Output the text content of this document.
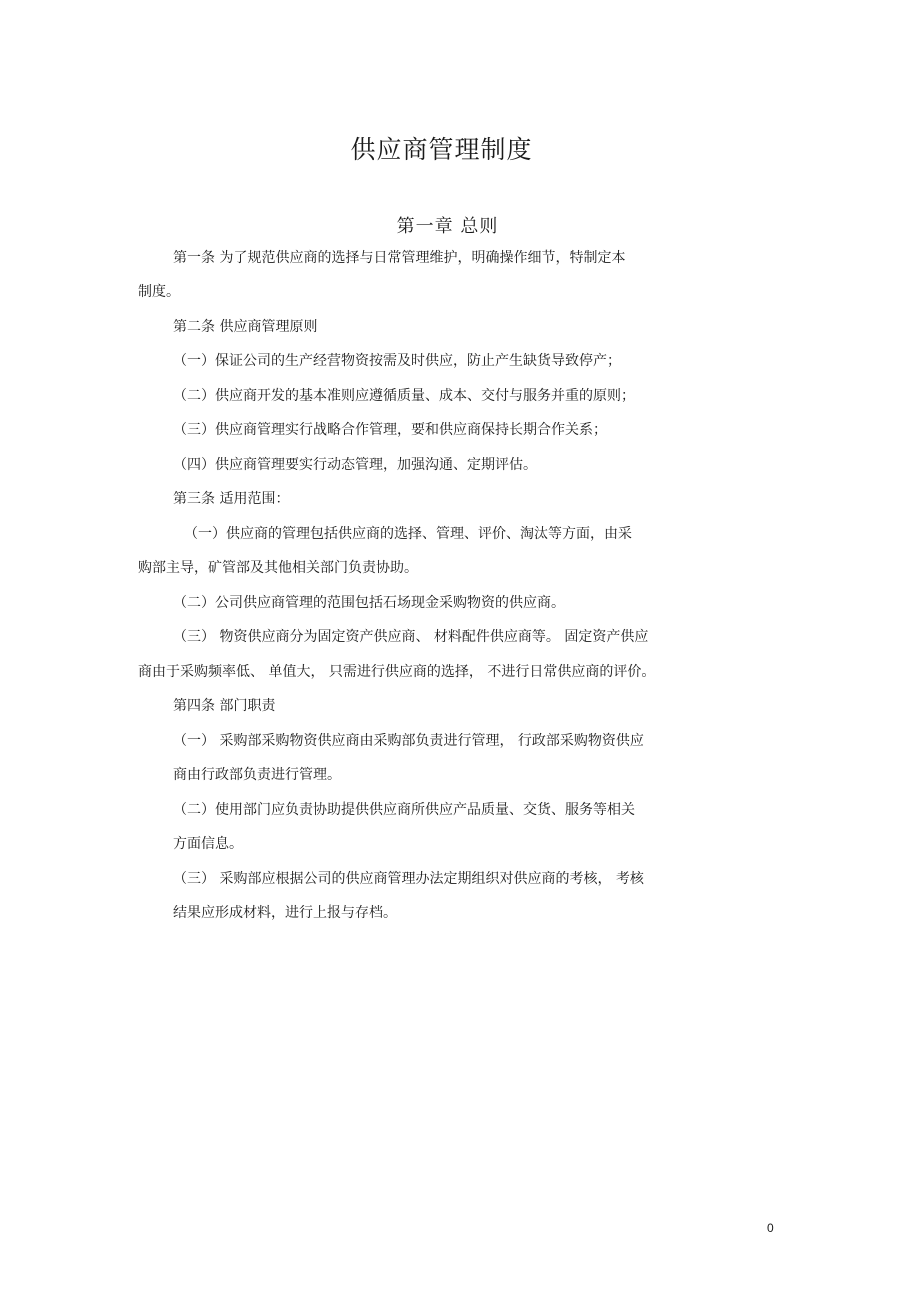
供应商管理制度
第一章 总则
第一条 为了规范供应商的选择与日常管理维护，明确操作细节，特制定本
制度。
第二条 供应商管理原则
（一）保证公司的生产经营物资按需及时供应，防止产生缺货导致停产；
（二）供应商开发的基本准则应遵循质量、成本、交付与服务并重的原则；
（三）供应商管理实行战略合作管理，要和供应商保持长期合作关系；
（四）供应商管理要实行动态管理，加强沟通、定期评估。
第三条 适用范围：
（一）供应商的管理包括供应商的选择、管理、评价、淘汰等方面，由采
购部主导，矿管部及其他相关部门负责协助。
（二）公司供应商管理的范围包括石场现金采购物资的供应商。
（三） 物资供应商分为固定资产供应商、 材料配件供应商等。 固定资产供应
商由于采购频率低、 单值大， 只需进行供应商的选择， 不进行日常供应商的评价。
第四条 部门职责
（一） 采购部采购物资供应商由采购部负责进行管理， 行政部采购物资供应
商由行政部负责进行管理。
（二）使用部门应负责协助提供供应商所供应产品质量、交货、服务等相关
方面信息。
（三） 采购部应根据公司的供应商管理办法定期组织对供应商的考核， 考核
结果应形成材料，进行上报与存档。
0
